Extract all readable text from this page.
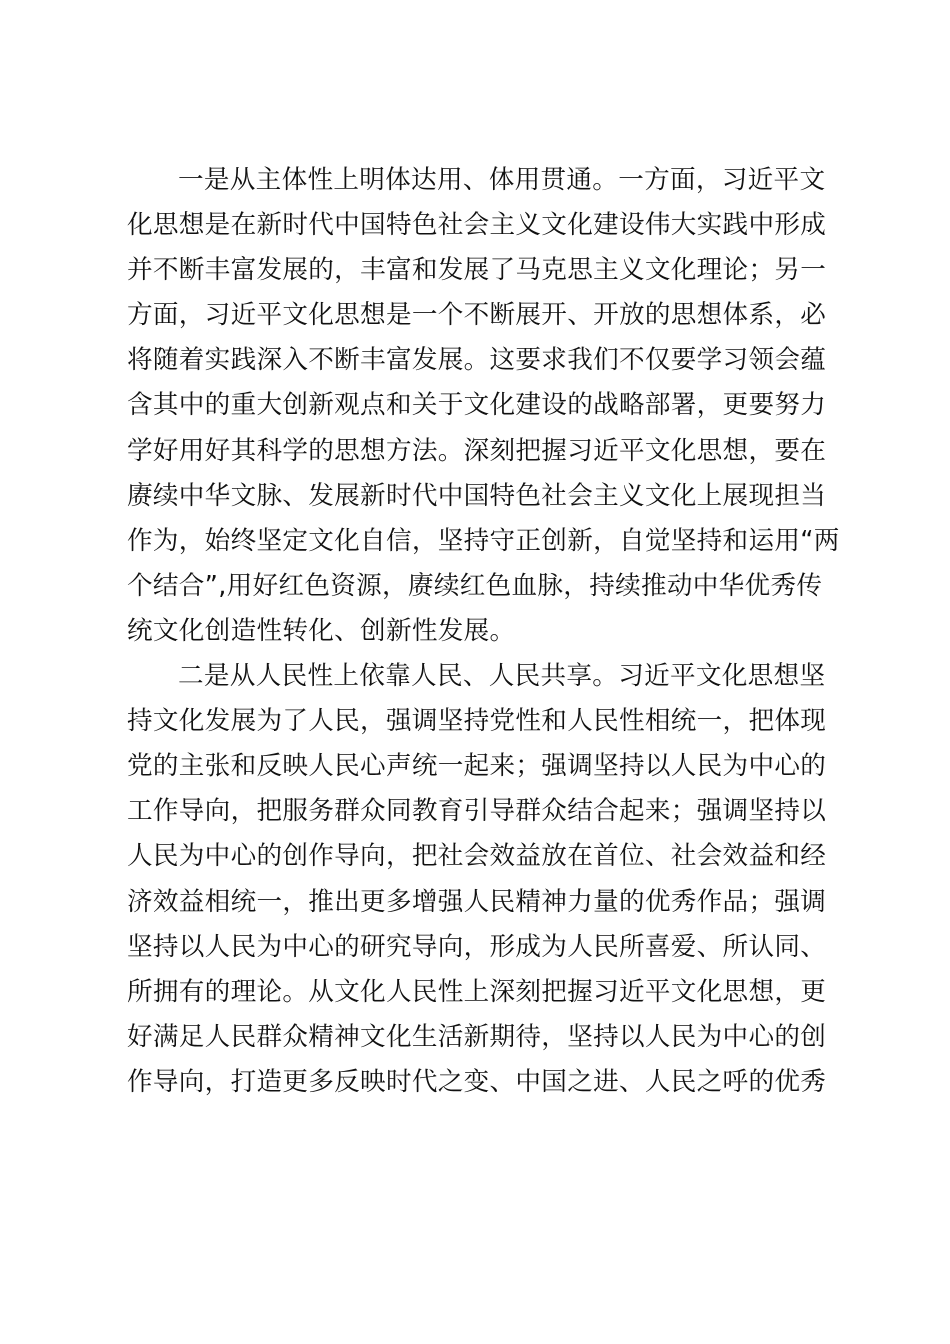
一是从主体性上明体达用、体用贯通。一方面，习近平文
化思想是在新时代中国特色社会主义文化建设伟大实践中形成
并不断丰富发展的，丰富和发展了马克思主义文化理论；另一
方面，习近平文化思想是一个不断展开、开放的思想体系，必
将随着实践深入不断丰富发展。这要求我们不仅要学习领会蕴
含其中的重大创新观点和关于文化建设的战略部署，更要努力
学好用好其科学的思想方法。深刻把握习近平文化思想，要在
赓续中华文脉、发展新时代中国特色社会主义文化上展现担当
作为，始终坚定文化自信，坚持守正创新，自觉坚持和运用“两
个结合”,用好红色资源，赓续红色血脉，持续推动中华优秀传
统文化创造性转化、创新性发展。
二是从人民性上依靠人民、人民共享。习近平文化思想坚
持文化发展为了人民，强调坚持党性和人民性相统一，把体现
党的主张和反映人民心声统一起来；强调坚持以人民为中心的
工作导向，把服务群众同教育引导群众结合起来；强调坚持以
人民为中心的创作导向，把社会效益放在首位、社会效益和经
济效益相统一，推出更多增强人民精神力量的优秀作品；强调
坚持以人民为中心的研究导向，形成为人民所喜爱、所认同、
所拥有的理论。从文化人民性上深刻把握习近平文化思想，更
好满足人民群众精神文化生活新期待，坚持以人民为中心的创
作导向，打造更多反映时代之变、中国之进、人民之呼的优秀
